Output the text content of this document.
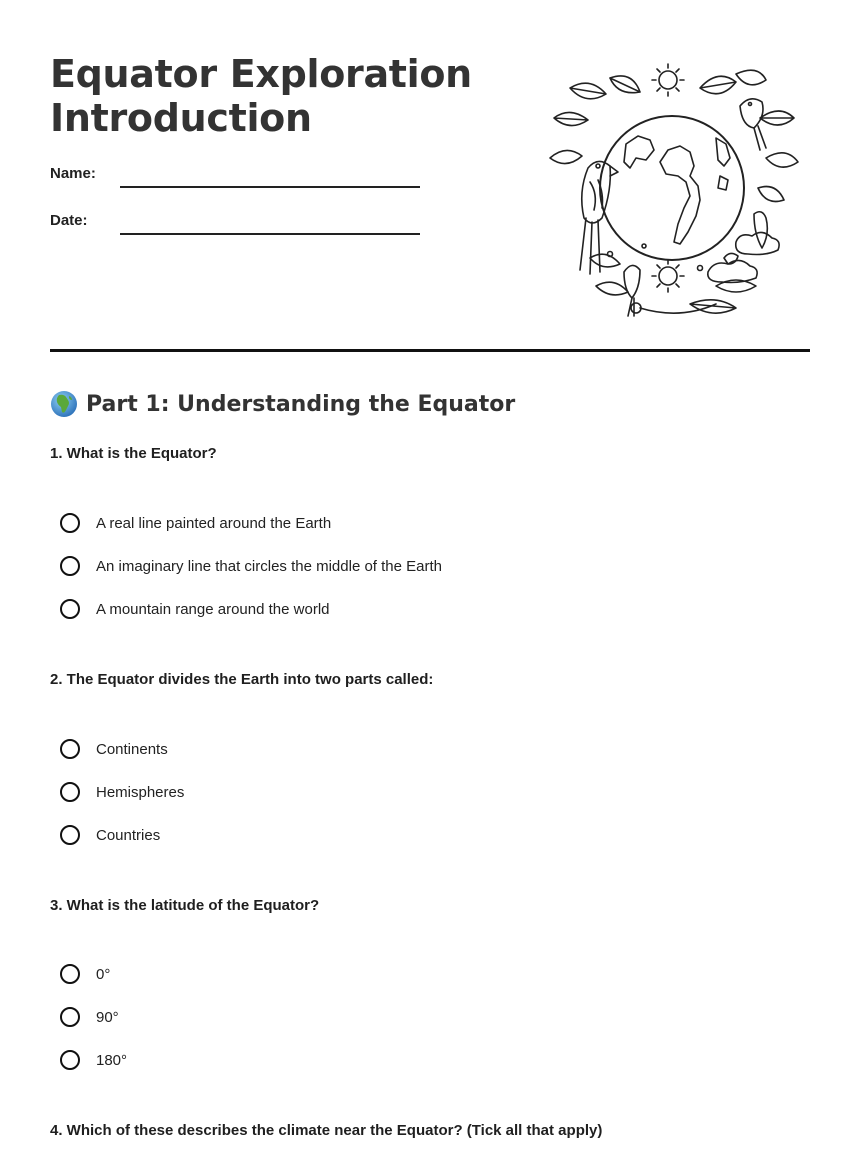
Equator Exploration
Introduction
Name:
Date:
Part 1: Understanding the Equator
1. What is the Equator?
A real line painted around the Earth
An imaginary line that circles the middle of the Earth
A mountain range around the world
2. The Equator divides the Earth into two parts called:
Continents
Hemispheres
Countries
3. What is the latitude of the Equator?
0°
90°
180°
4. Which of these describes the climate near the Equator? (Tick all that apply)
